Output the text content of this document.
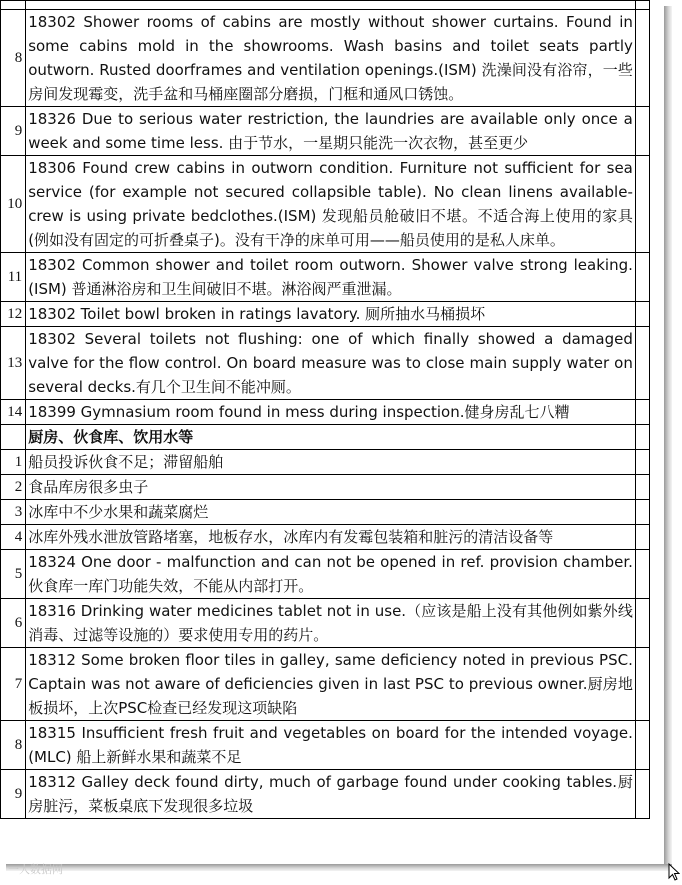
8	18302 Shower rooms of cabins are mostly without shower curtains. Found in some cabins mold in the showrooms. Wash basins and toilet seats partly outworn. Rusted doorframes and ventilation openings.(ISM) 洗澡间没有浴帘，一些房间发现霉变，洗手盆和马桶座圈部分磨损，门框和通风口锈蚀。	
9	18326 Due to serious water restriction, the laundries are available only once a week and some time less. 由于节水，一星期只能洗一次衣物，甚至更少	
10	18306 Found crew cabins in outworn condition. Furniture not sufficient for sea service (for example not secured collapsible table). No clean linens available-crew is using private bedclothes.(ISM) 发现船员舱破旧不堪。不适合海上使用的家具(例如没有固定的可折叠桌子)。没有干净的床单可用——船员使用的是私人床单。	
11	18302 Common shower and toilet room outworn. Shower valve strong leaking.(ISM) 普通淋浴房和卫生间破旧不堪。淋浴阀严重泄漏。	
12	18302 Toilet bowl broken in ratings lavatory. 厕所抽水马桶损坏	
13	18302 Several toilets not flushing: one of which finally showed a damaged valve for the flow control. On board measure was to close main supply water on several decks.有几个卫生间不能冲厕。	
14	18399 Gymnasium room found in mess during inspection.健身房乱七八糟	
	厨房、伙食库、饮用水等	
1	船员投诉伙食不足；滞留船舶	
2	食品库房很多虫子	
3	冰库中不少水果和蔬菜腐烂	
4	冰库外残水泄放管路堵塞，地板存水，冰库内有发霉包装箱和脏污的清洁设备等	
5	18324 One door - malfunction and can not be opened in ref. provision chamber. 伙食库一库门功能失效，不能从内部打开。	
6	18316 Drinking water medicines tablet not in use.（应该是船上没有其他例如紫外线消毒、过滤等设施的）要求使用专用的药片。	
7	18312 Some broken floor tiles in galley, same deficiency noted in previous PSC. Captain was not aware of deficiencies given in last PSC to previous owner.厨房地板损坏，上次PSC检查已经发现这项缺陷	
8	18315 Insufficient fresh fruit and vegetables on board for the intended voyage.(MLC) 船上新鲜水果和蔬菜不足	
9	18312 Galley deck found dirty, much of garbage found under cooking tables.厨房脏污，菜板桌底下发现很多垃圾	
一人数据网
